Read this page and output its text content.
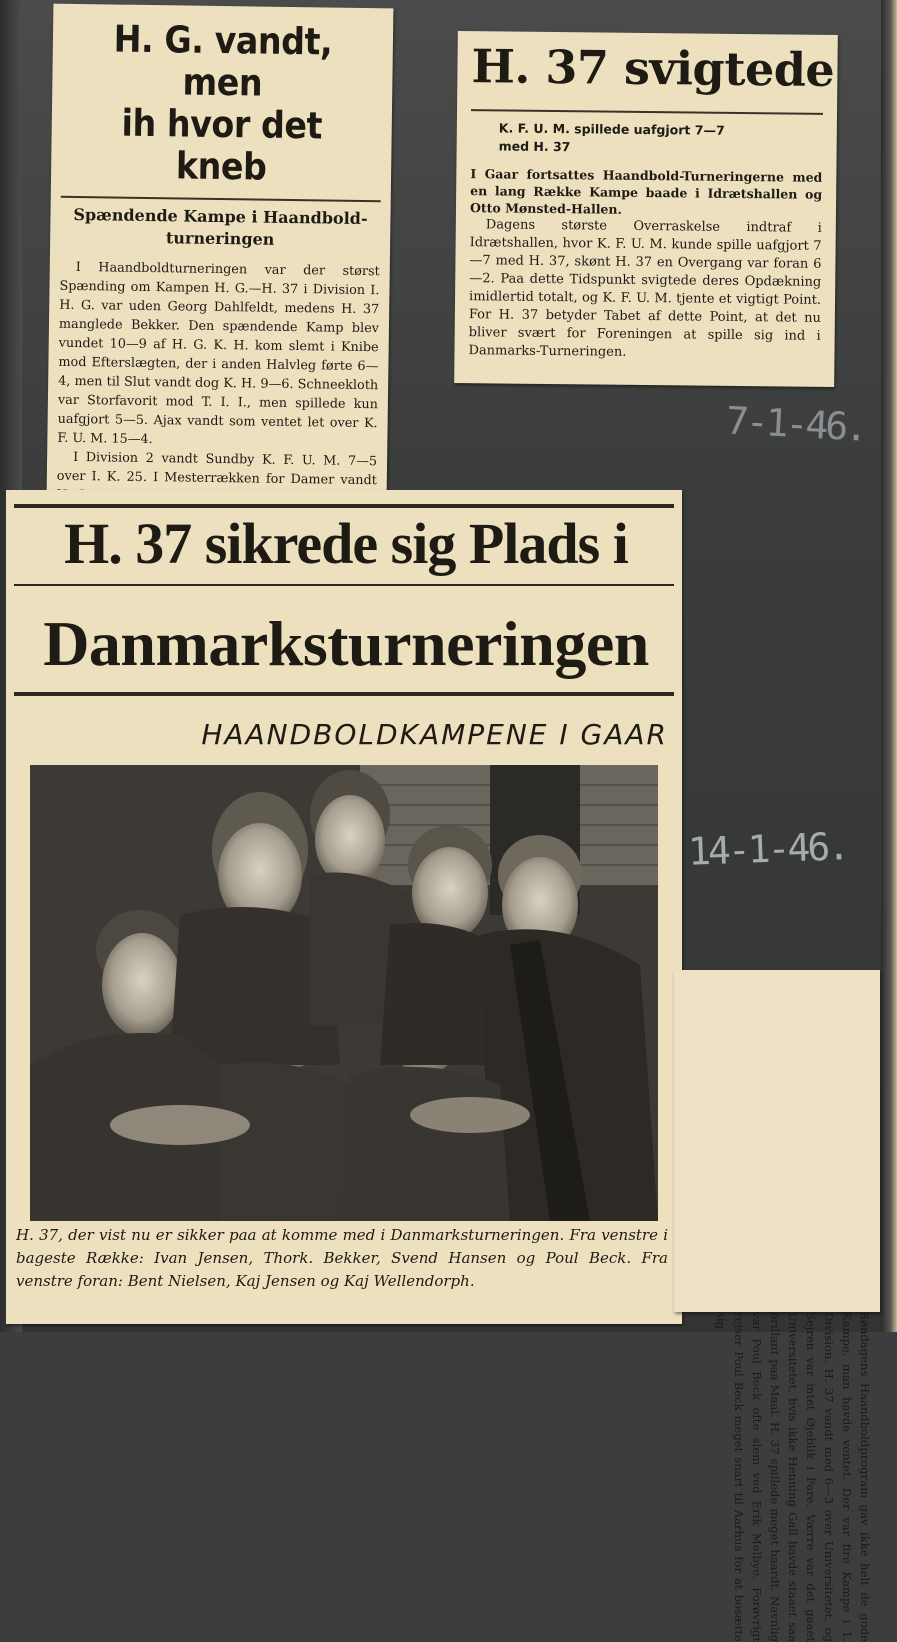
H. G. vandt, men
ih hvor det kneb
Spændende Kampe i Haandbold-
turneringen

I Haandboldturneringen var der størst Spænding om Kampen H. G.—H. 37 i Division I. H. G. var uden Georg Dahlfeldt, medens H. 37 manglede Bekker. Den spændende Kamp blev vundet 10—9 af H. G. K. H. kom slemt i Knibe mod Efterslægten, der i anden Halvleg førte 6—4, men til Slut vandt dog K. H. 9—6. Schneekloth var Storfavorit mod T. I. I., men spillede kun uafgjort 5—5. Ajax vandt som ventet let over K. F. U. M. 15—4.

I Division 2 vandt Sundby K. F. U. M. 7—5 over I. K. 25. I Mesterrækken for Damer vandt

H. 37 svigtede
K. F. U. M. spillede uafgjort 7—7
med H. 37

I Gaar fortsattes Haandbold-Turneringerne med en lang Række Kampe baade i Idrætshallen og Otto Mønsted-Hallen.

Dagens største Overraskelse indtraf i Idrætshallen, hvor K. F. U. M. kunde spille uafgjort 7—7 med H. 37, skønt H. 37 en Overgang var foran 6—2. Paa dette Tidspunkt svigtede deres Opdækning imidlertid totalt, og K. F. U. M. tjente et vigtigt Point. For H. 37 betyder Tabet af dette Point, at det nu bliver svært for Foreningen at spille sig ind i Danmarks-Turneringen.

7-1-46.
14-1-46.
H. 37 sikrede sig Plads i
Danmarksturneringen
HAANDBOLDKAMPENE I GAAR

H. 37, der vist nu er sikker paa at komme med i Danmarksturneringen. Fra venstre i bageste Række: Ivan Jensen, Thork. Bekker, Svend Hansen og Poul Beck. Fra venstre foran: Bent Nielsen, Kaj Jensen og Kaj Wellendorph.

Søndagens Haandboldprogram gav ikke helt de gode Kampe, man havde ventet. Der var fire Kampe i 1. Division. H. 37 vandt med 6—3 over Universitetet, og Sejren var intet Øjeblik i Fare. Værre var det gaaet Universitetet, hvis ikke Henning Gall havde staaet saa brillant paa Maal. H. 37 spillede meget haardt. Navnlig var Poul Beck ofte slem ved Erik Melbye. Forøvrigt rejser Poul Beck meget snart til Aarhus for at bosætte sig
